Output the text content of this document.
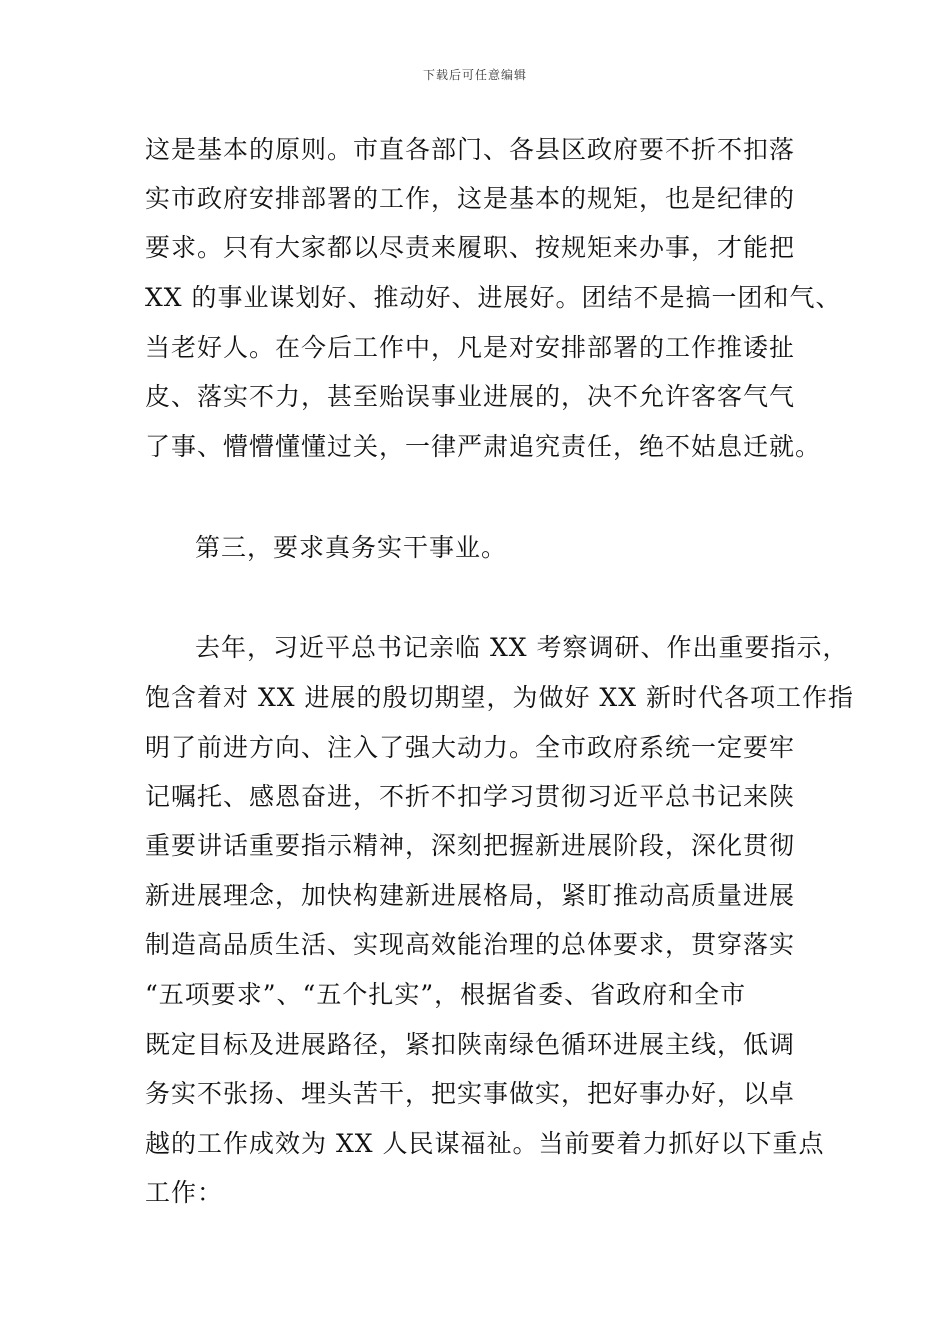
下载后可任意编辑
这是基本的原则。市直各部门、各县区政府要不折不扣落
实市政府安排部署的工作，这是基本的规矩，也是纪律的
要求。只有大家都以尽责来履职、按规矩来办事，才能把
XX 的事业谋划好、推动好、进展好。团结不是搞一团和气、
当老好人。在今后工作中，凡是对安排部署的工作推诿扯
皮、落实不力，甚至贻误事业进展的，决不允许客客气气
了事、懵懵懂懂过关，一律严肃追究责任，绝不姑息迁就。
第三，要求真务实干事业。
去年，习近平总书记亲临 XX 考察调研、作出重要指示，
饱含着对 XX 进展的殷切期望，为做好 XX 新时代各项工作指
明了前进方向、注入了强大动力。全市政府系统一定要牢
记嘱托、感恩奋进，不折不扣学习贯彻习近平总书记来陕
重要讲话重要指示精神，深刻把握新进展阶段，深化贯彻
新进展理念，加快构建新进展格局，紧盯推动高质量进展
制造高品质生活、实现高效能治理的总体要求，贯穿落实
“五项要求”、“五个扎实”，根据省委、省政府和全市
既定目标及进展路径，紧扣陕南绿色循环进展主线，低调
务实不张扬、埋头苦干，把实事做实，把好事办好，以卓
越的工作成效为 XX 人民谋福祉。当前要着力抓好以下重点
工作：
